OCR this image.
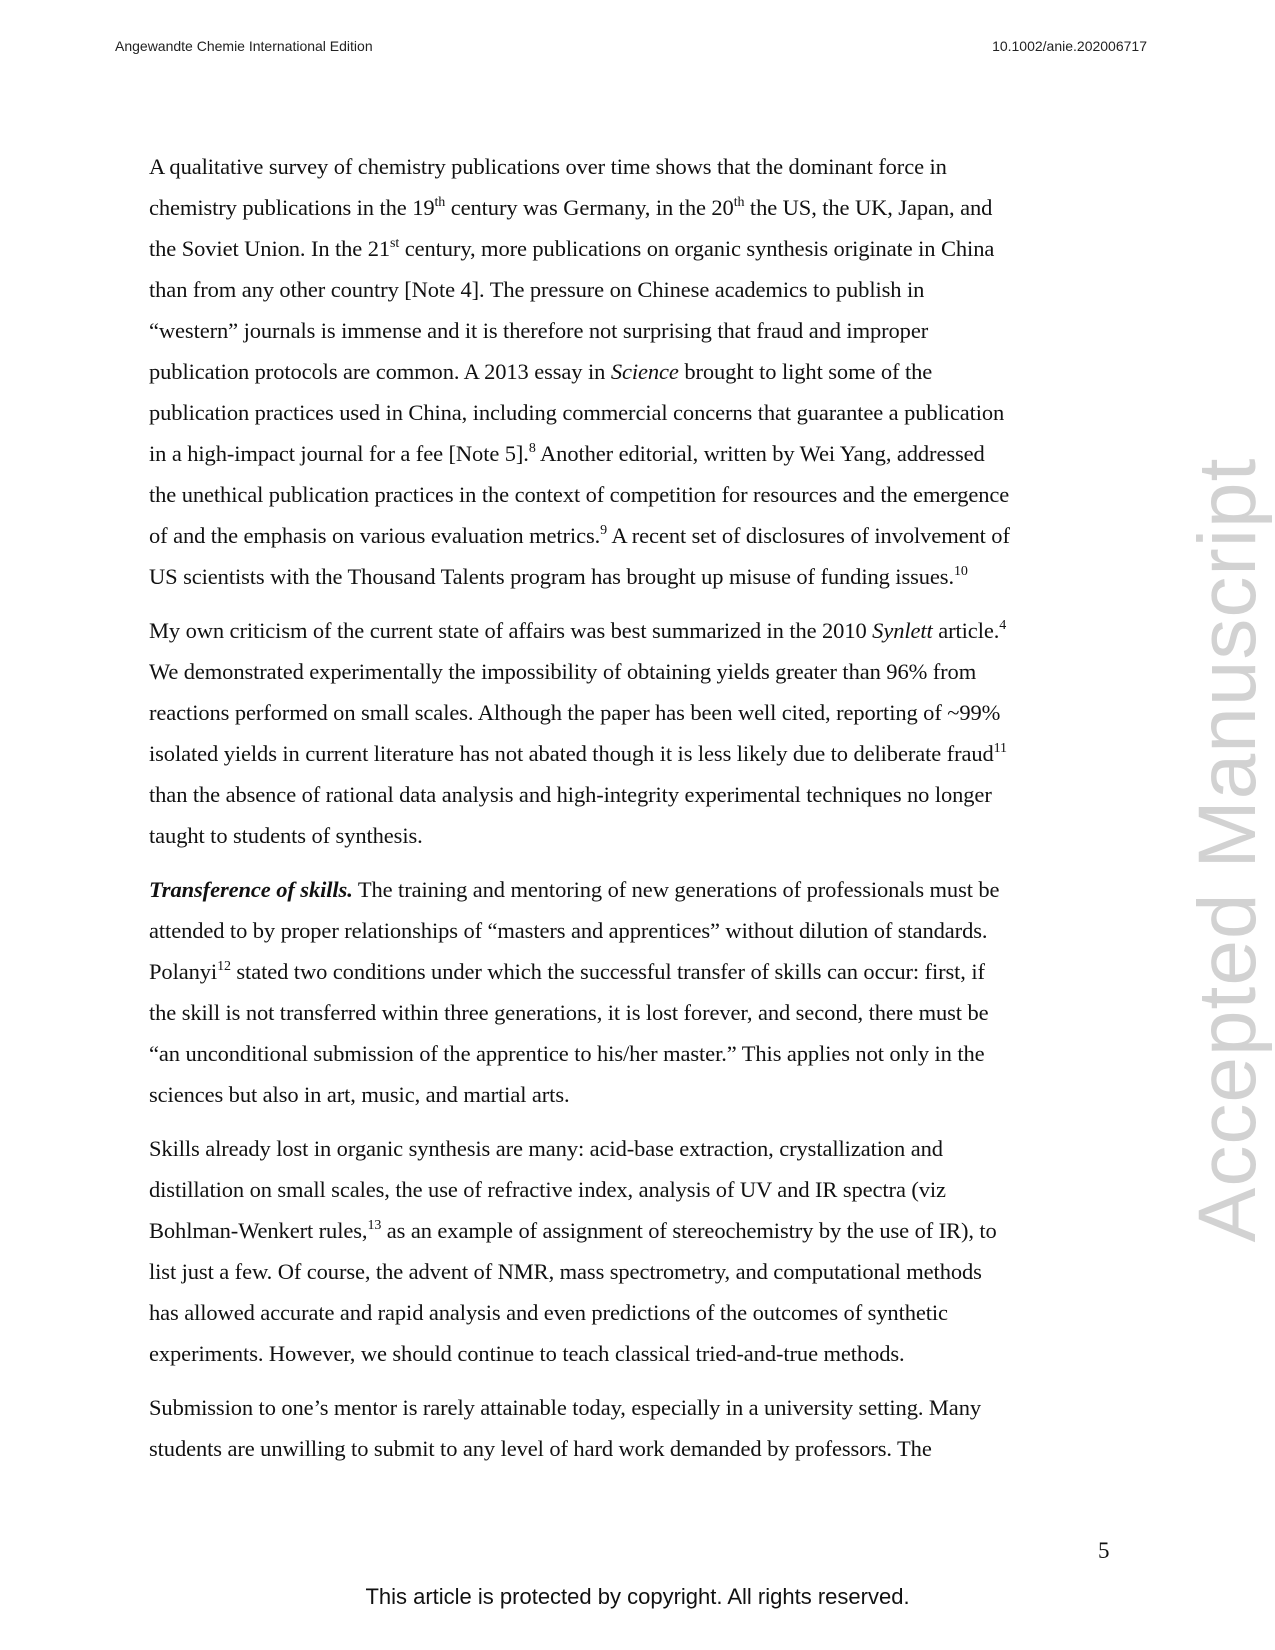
Angewandte Chemie International Edition	10.1002/anie.202006717

A qualitative survey of chemistry publications over time shows that the dominant force in
chemistry publications in the 19th century was Germany, in the 20th the US, the UK, Japan, and
the Soviet Union. In the 21st century, more publications on organic synthesis originate in China
than from any other country [Note 4]. The pressure on Chinese academics to publish in
“western” journals is immense and it is therefore not surprising that fraud and improper
publication protocols are common. A 2013 essay in Science brought to light some of the
publication practices used in China, including commercial concerns that guarantee a publication
in a high-impact journal for a fee [Note 5].$^8$ Another editorial, written by Wei Yang, addressed
the unethical publication practices in the context of competition for resources and the emergence
of and the emphasis on various evaluation metrics.$^9$ A recent set of disclosures of involvement of
US scientists with the Thousand Talents program has brought up misuse of funding issues.$^{10}$

My own criticism of the current state of affairs was best summarized in the 2010 Synlett article.$^4$
We demonstrated experimentally the impossibility of obtaining yields greater than 96% from
reactions performed on small scales. Although the paper has been well cited, reporting of ~99%
isolated yields in current literature has not abated though it is less likely due to deliberate fraud$^{11}$
than the absence of rational data analysis and high-integrity experimental techniques no longer
taught to students of synthesis.

Transference of skills. The training and mentoring of new generations of professionals must be
attended to by proper relationships of “masters and apprentices” without dilution of standards.
Polanyi$^{12}$ stated two conditions under which the successful transfer of skills can occur: first, if
the skill is not transferred within three generations, it is lost forever, and second, there must be
“an unconditional submission of the apprentice to his/her master.” This applies not only in the
sciences but also in art, music, and martial arts.

Skills already lost in organic synthesis are many: acid-base extraction, crystallization and
distillation on small scales, the use of refractive index, analysis of UV and IR spectra (viz
Bohlman-Wenkert rules,$^{13}$ as an example of assignment of stereochemistry by the use of IR), to
list just a few. Of course, the advent of NMR, mass spectrometry, and computational methods
has allowed accurate and rapid analysis and even predictions of the outcomes of synthetic
experiments. However, we should continue to teach classical tried-and-true methods.

Submission to one’s mentor is rarely attainable today, especially in a university setting. Many
students are unwilling to submit to any level of hard work demanded by professors. The

Accepted Manuscript
5
This article is protected by copyright. All rights reserved.
